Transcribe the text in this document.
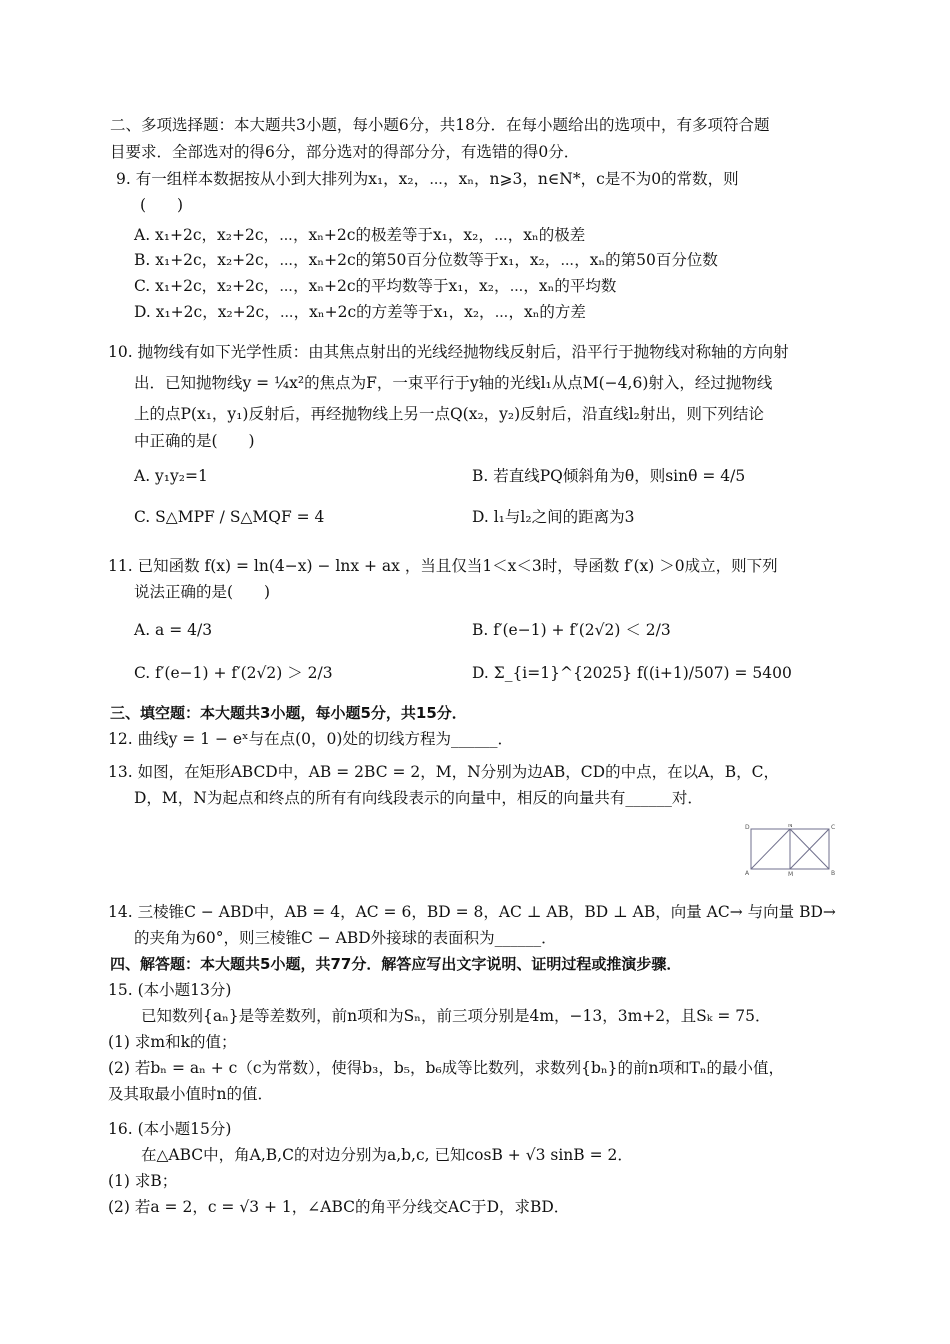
二、多项选择题：本大题共3小题，每小题6分，共18分．在每小题给出的选项中，有多项符合题
目要求．全部选对的得6分，部分选对的得部分分，有选错的得0分．
9. 有一组样本数据按从小到大排列为x₁，x₂，⋯，xₙ，n⩾3，n∈N*，c是不为0的常数，则
(　　)
A. x₁+2c，x₂+2c，⋯，xₙ+2c的极差等于x₁，x₂，⋯，xₙ的极差
B. x₁+2c，x₂+2c，⋯，xₙ+2c的第50百分位数等于x₁，x₂，⋯，xₙ的第50百分位数
C. x₁+2c，x₂+2c，⋯，xₙ+2c的平均数等于x₁，x₂，⋯，xₙ的平均数
D. x₁+2c，x₂+2c，⋯，xₙ+2c的方差等于x₁，x₂，⋯，xₙ的方差
10. 抛物线有如下光学性质：由其焦点射出的光线经抛物线反射后，沿平行于抛物线对称轴的方向射
出．已知抛物线y = ¼x²的焦点为F，一束平行于y轴的光线l₁从点M(−4,6)射入，经过抛物线
上的点P(x₁，y₁)反射后，再经抛物线上另一点Q(x₂，y₂)反射后，沿直线l₂射出，则下列结论
中正确的是(　　)
A. y₁y₂=1	B. 若直线PQ倾斜角为θ，则sinθ = 4/5
C. S△MPF / S△MQF = 4	D. l₁与l₂之间的距离为3
11. 已知函数 f(x) = ln(4−x) − lnx + ax ，当且仅当1＜x＜3时，导函数 f′(x) ＞0成立，则下列
说法正确的是(　　)
A. a = 4/3	B. f′(e−1) + f′(2√2) ＜ 2/3
C. f′(e−1) + f′(2√2) ＞ 2/3	D. Σ_{i=1}^{2025} f((i+1)/507) = 5400
三、填空题：本大题共3小题，每小题5分，共15分．
12. 曲线y = 1 − eˣ与在点(0，0)处的切线方程为______．
13. 如图，在矩形ABCD中，AB = 2BC = 2，M，N分别为边AB，CD的中点，在以A，B，C，
D，M，N为起点和终点的所有有向线段表示的向量中，相反的向量共有______对．
D	N	C
A	M	B
14. 三棱锥C − ABD中，AB = 4，AC = 6，BD = 8，AC ⊥ AB，BD ⊥ AB，向量 AC→ 与向量 BD→
的夹角为60°，则三棱锥C − ABD外接球的表面积为______．
四、解答题：本大题共5小题，共77分．解答应写出文字说明、证明过程或推演步骤．
15. (本小题13分)
已知数列{aₙ}是等差数列，前n项和为Sₙ，前三项分别是4m，−13，3m+2，且Sₖ = 75．
(1) 求m和k的值；
(2) 若bₙ = aₙ + c（c为常数），使得b₃，b₅，b₆成等比数列，求数列{bₙ}的前n项和Tₙ的最小值，
及其取最小值时n的值．
16. (本小题15分)
在△ABC中，角A,B,C的对边分别为a,b,c, 已知cosB + √3 sinB = 2．
(1) 求B；
(2) 若a = 2，c = √3 + 1，∠ABC的角平分线交AC于D，求BD．
